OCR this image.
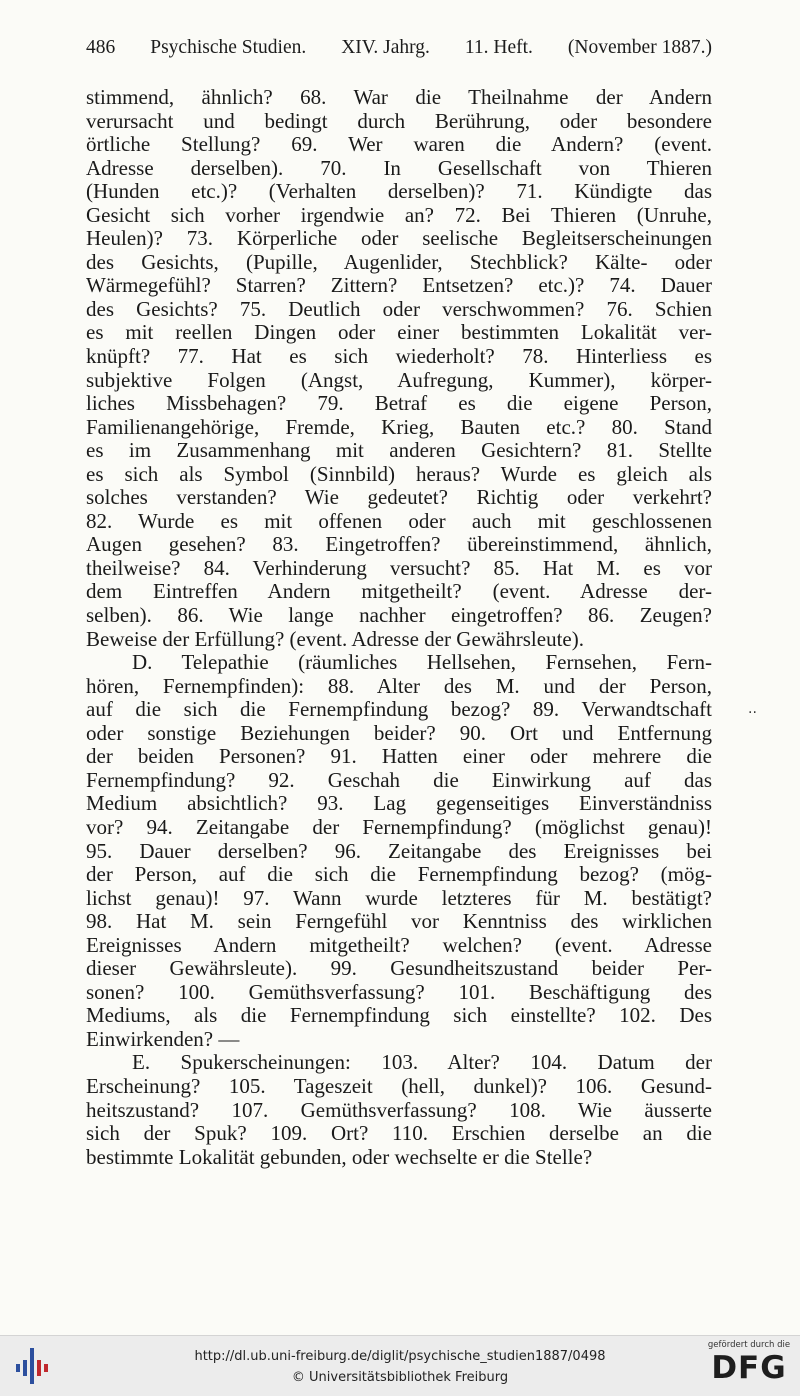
486 Psychische Studien. XIV. Jahrg. 11. Heft. (November 1887.)
stimmend, ähnlich? 68. War die Theilnahme der Andern
verursacht und bedingt durch Berührung, oder besondere
örtliche Stellung? 69. Wer waren die Andern? (event.
Adresse derselben). 70. In Gesellschaft von Thieren
(Hunden etc.)? (Verhalten derselben)? 71. Kündigte das
Gesicht sich vorher irgendwie an? 72. Bei Thieren (Unruhe,
Heulen)? 73. Körperliche oder seelische Begleitserscheinungen
des Gesichts, (Pupille, Augenlider, Stechblick? Kälte- oder
Wärmegefühl? Starren? Zittern? Entsetzen? etc.)? 74. Dauer
des Gesichts? 75. Deutlich oder verschwommen? 76. Schien
es mit reellen Dingen oder einer bestimmten Lokalität ver-
knüpft? 77. Hat es sich wiederholt? 78. Hinterliess es
subjektive Folgen (Angst, Aufregung, Kummer), körper-
liches Missbehagen? 79. Betraf es die eigene Person,
Familienangehörige, Fremde, Krieg, Bauten etc.? 80. Stand
es im Zusammenhang mit anderen Gesichtern? 81. Stellte
es sich als Symbol (Sinnbild) heraus? Wurde es gleich als
solches verstanden? Wie gedeutet? Richtig oder verkehrt?
82. Wurde es mit offenen oder auch mit geschlossenen
Augen gesehen? 83. Eingetroffen? übereinstimmend, ähnlich,
theilweise? 84. Verhinderung versucht? 85. Hat M. es vor
dem Eintreffen Andern mitgetheilt? (event. Adresse der-
selben). 86. Wie lange nachher eingetroffen? 86. Zeugen?
Beweise der Erfüllung? (event. Adresse der Gewährsleute).
D. Telepathie (räumliches Hellsehen, Fernsehen, Fern-
hören, Fernempfinden): 88. Alter des M. und der Person,
auf die sich die Fernempfindung bezog? 89. Verwandtschaft
oder sonstige Beziehungen beider? 90. Ort und Entfernung
der beiden Personen? 91. Hatten einer oder mehrere die
Fernempfindung? 92. Geschah die Einwirkung auf das
Medium absichtlich? 93. Lag gegenseitiges Einverständniss
vor? 94. Zeitangabe der Fernempfindung? (möglichst genau)!
95. Dauer derselben? 96. Zeitangabe des Ereignisses bei
der Person, auf die sich die Fernempfindung bezog? (mög-
lichst genau)! 97. Wann wurde letzteres für M. bestätigt?
98. Hat M. sein Ferngefühl vor Kenntniss des wirklichen
Ereignisses Andern mitgetheilt? welchen? (event. Adresse
dieser Gewährsleute). 99. Gesundheitszustand beider Per-
sonen? 100. Gemüthsverfassung? 101. Beschäftigung des
Mediums, als die Fernempfindung sich einstellte? 102. Des
Einwirkenden? —
E. Spukerscheinungen: 103. Alter? 104. Datum der
Erscheinung? 105. Tageszeit (hell, dunkel)? 106. Gesund-
heitszustand? 107. Gemüthsverfassung? 108. Wie äusserte
sich der Spuk? 109. Ort? 110. Erschien derselbe an die
bestimmte Lokalität gebunden, oder wechselte er die Stelle?
··
http://dl.ub.uni-freiburg.de/diglit/psychische_studien1887/0498
© Universitätsbibliothek Freiburg
gefördert durch die
DFG
